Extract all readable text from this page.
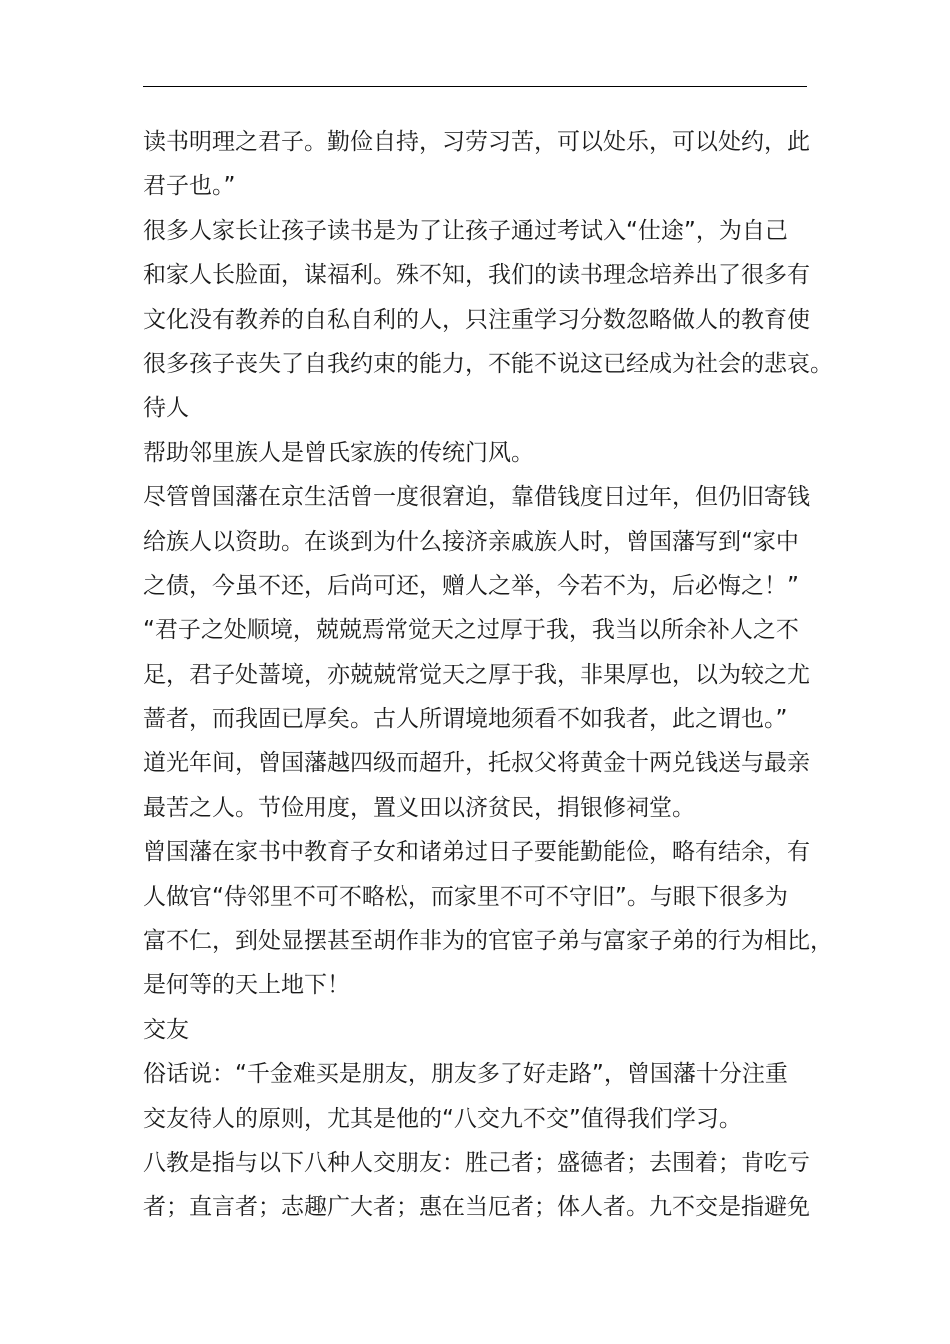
读书明理之君子。勤俭自持，习劳习苦，可以处乐，可以处约，此
君子也。”
很多人家长让孩子读书是为了让孩子通过考试入“仕途”，为自己
和家人长脸面，谋福利。殊不知，我们的读书理念培养出了很多有
文化没有教养的自私自利的人，只注重学习分数忽略做人的教育使
很多孩子丧失了自我约束的能力，不能不说这已经成为社会的悲哀。
待人
帮助邻里族人是曾氏家族的传统门风。
尽管曾国藩在京生活曾一度很窘迫，靠借钱度日过年，但仍旧寄钱
给族人以资助。在谈到为什么接济亲戚族人时，曾国藩写到“家中
之债，今虽不还，后尚可还，赠人之举，今若不为，后必悔之！”
“君子之处顺境，兢兢焉常觉天之过厚于我，我当以所余补人之不
足，君子处蔷境，亦兢兢常觉天之厚于我，非果厚也，以为较之尤
蔷者，而我固已厚矣。古人所谓境地须看不如我者，此之谓也。”
道光年间，曾国藩越四级而超升，托叔父将黄金十两兑钱送与最亲
最苦之人。节俭用度，置义田以济贫民，捐银修祠堂。
曾国藩在家书中教育子女和诸弟过日子要能勤能俭，略有结余，有
人做官“侍邻里不可不略松，而家里不可不守旧”。与眼下很多为
富不仁，到处显摆甚至胡作非为的官宦子弟与富家子弟的行为相比，
是何等的天上地下！
交友
俗话说：“千金难买是朋友，朋友多了好走路”，曾国藩十分注重
交友待人的原则，尤其是他的“八交九不交”值得我们学习。
八教是指与以下八种人交朋友：胜己者；盛德者；去围着；肯吃亏
者；直言者；志趣广大者；惠在当厄者；体人者。九不交是指避免
